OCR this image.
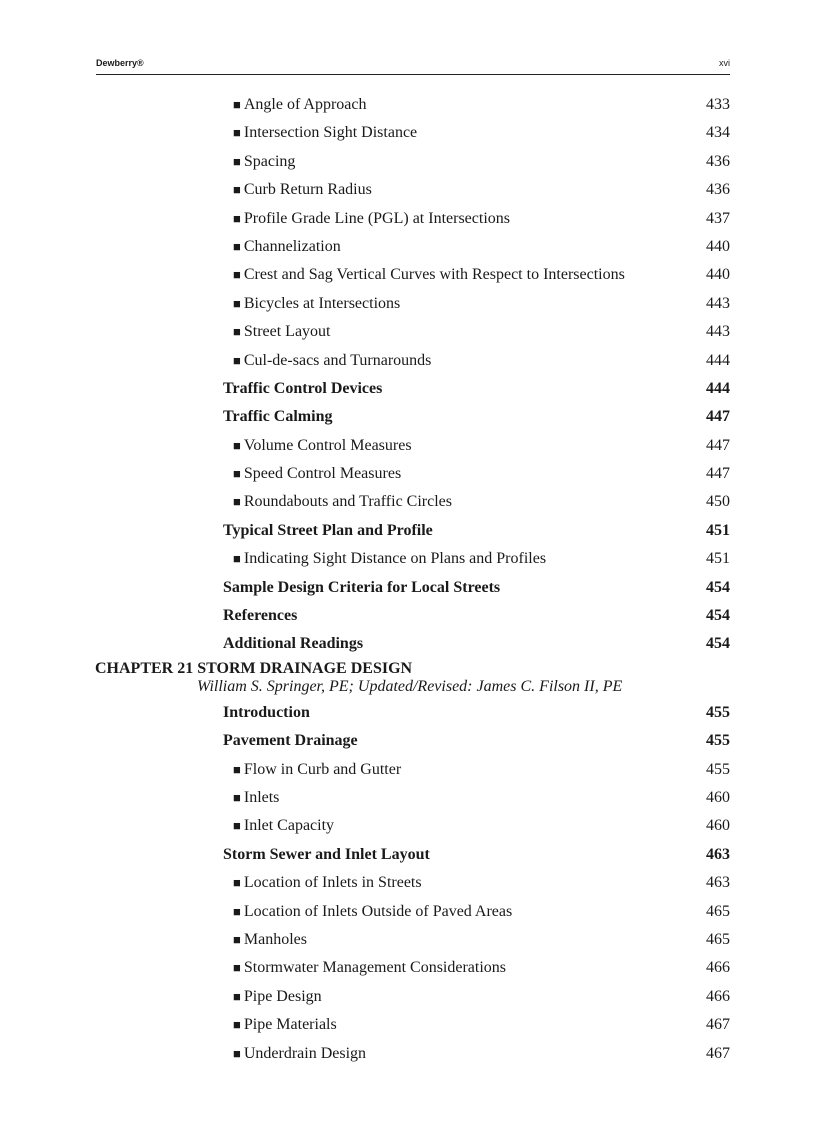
Dewberry®	xvi
■ Angle of Approach	433
■ Intersection Sight Distance	434
■ Spacing	436
■ Curb Return Radius	436
■ Profile Grade Line (PGL) at Intersections	437
■ Channelization	440
■ Crest and Sag Vertical Curves with Respect to Intersections	440
■ Bicycles at Intersections	443
■ Street Layout	443
■ Cul-de-sacs and Turnarounds	444
Traffic Control Devices	444
Traffic Calming	447
■ Volume Control Measures	447
■ Speed Control Measures	447
■ Roundabouts and Traffic Circles	450
Typical Street Plan and Profile	451
■ Indicating Sight Distance on Plans and Profiles	451
Sample Design Criteria for Local Streets	454
References	454
Additional Readings	454
CHAPTER 21 STORM DRAINAGE DESIGN
William S. Springer, PE; Updated/Revised: James C. Filson II, PE
Introduction	455
Pavement Drainage	455
■ Flow in Curb and Gutter	455
■ Inlets	460
■ Inlet Capacity	460
Storm Sewer and Inlet Layout	463
■ Location of Inlets in Streets	463
■ Location of Inlets Outside of Paved Areas	465
■ Manholes	465
■ Stormwater Management Considerations	466
■ Pipe Design	466
■ Pipe Materials	467
■ Underdrain Design	467
